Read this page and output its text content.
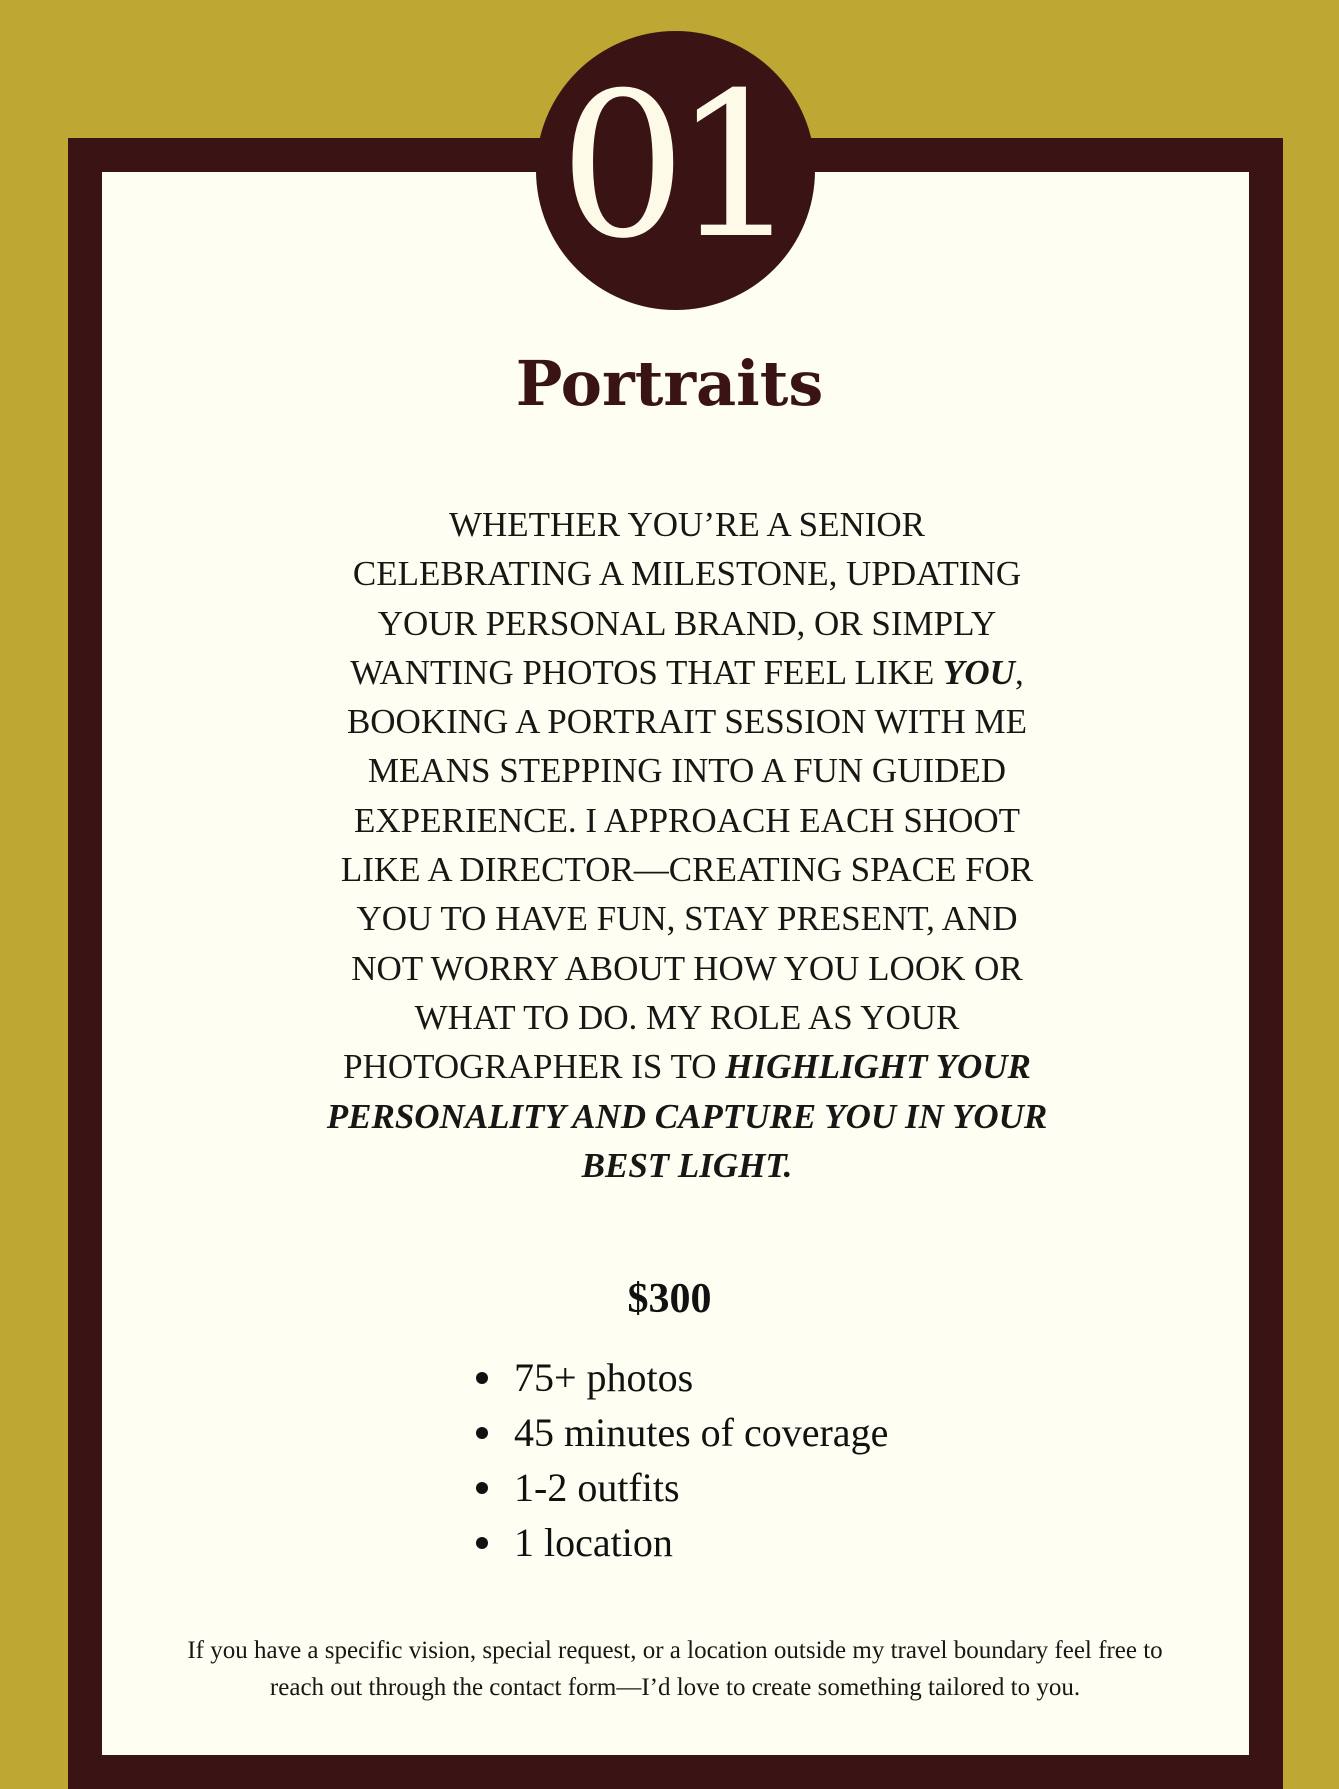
01
Portraits

WHETHER YOU’RE A SENIOR CELEBRATING A MILESTONE, UPDATING YOUR PERSONAL BRAND, OR SIMPLY WANTING PHOTOS THAT FEEL LIKE YOU, BOOKING A PORTRAIT SESSION WITH ME MEANS STEPPING INTO A FUN GUIDED EXPERIENCE. I APPROACH EACH SHOOT LIKE A DIRECTOR—CREATING SPACE FOR YOU TO HAVE FUN, STAY PRESENT, AND NOT WORRY ABOUT HOW YOU LOOK OR WHAT TO DO. MY ROLE AS YOUR PHOTOGRAPHER IS TO HIGHLIGHT YOUR PERSONALITY AND CAPTURE YOU IN YOUR BEST LIGHT.

$300

75+ photos
45 minutes of coverage
1-2 outfits
1 location

If you have a specific vision, special request, or a location outside my travel boundary feel free to reach out through the contact form—I’d love to create something tailored to you.
